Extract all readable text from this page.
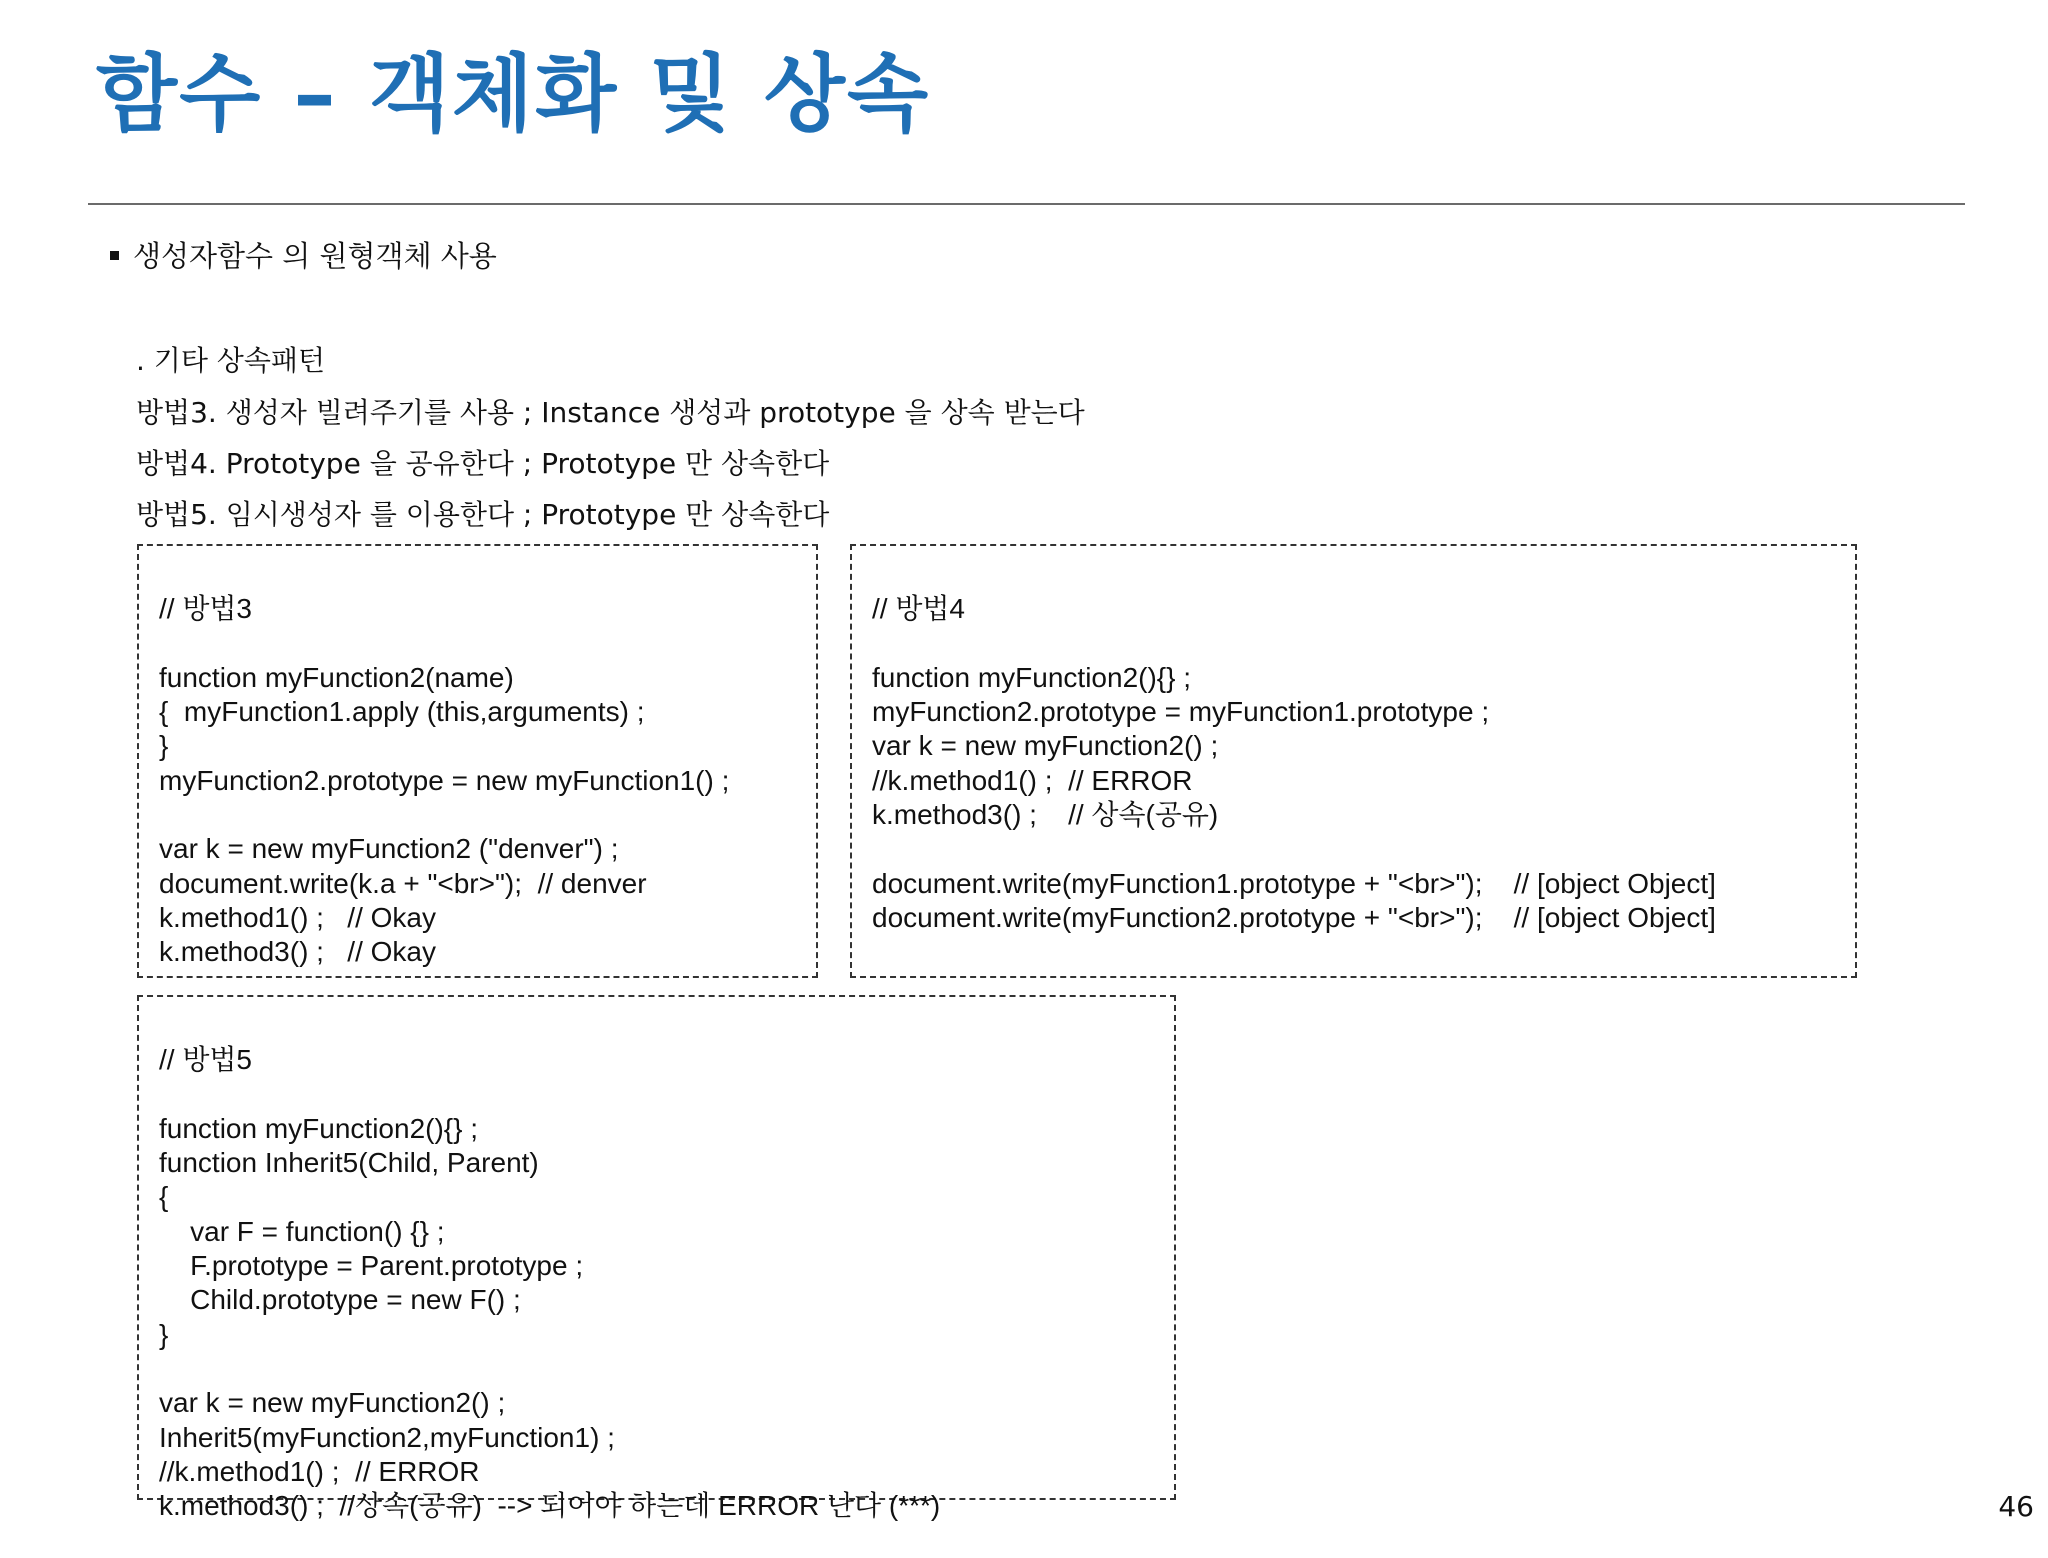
함수 – 객체화 및 상속
생성자함수 의 원형객체 사용
. 기타 상속패턴
방법3. 생성자 빌려주기를 사용 ; Instance 생성과 prototype 을 상속 받는다
방법4. Prototype 을 공유한다 ; Prototype 만 상속한다
방법5. 임시생성자 를 이용한다 ; Prototype 만 상속한다

// 방법3
function myFunction2(name)
{  myFunction1.apply (this,arguments) ;
}
myFunction2.prototype = new myFunction1() ;
var k = new myFunction2 ("denver") ;
document.write(k.a + "<br>");  // denver
k.method1() ;   // Okay
k.method3() ;   // Okay

// 방법4
function myFunction2(){} ;
myFunction2.prototype = myFunction1.prototype ;
var k = new myFunction2() ;
//k.method1() ;  // ERROR
k.method3() ;    // 상속(공유)
document.write(myFunction1.prototype + "<br>");    // [object Object]
document.write(myFunction2.prototype + "<br>");    // [object Object]

// 방법5
function myFunction2(){} ;
function Inherit5(Child, Parent)
{
var F = function() {} ;
F.prototype = Parent.prototype ;
Child.prototype = new F() ;
}
var k = new myFunction2() ;
Inherit5(myFunction2,myFunction1) ;
//k.method1() ;  // ERROR
k.method3() ;  //상속(공유)  --> 되어야 하는데 ERROR 난다 (***)	46
